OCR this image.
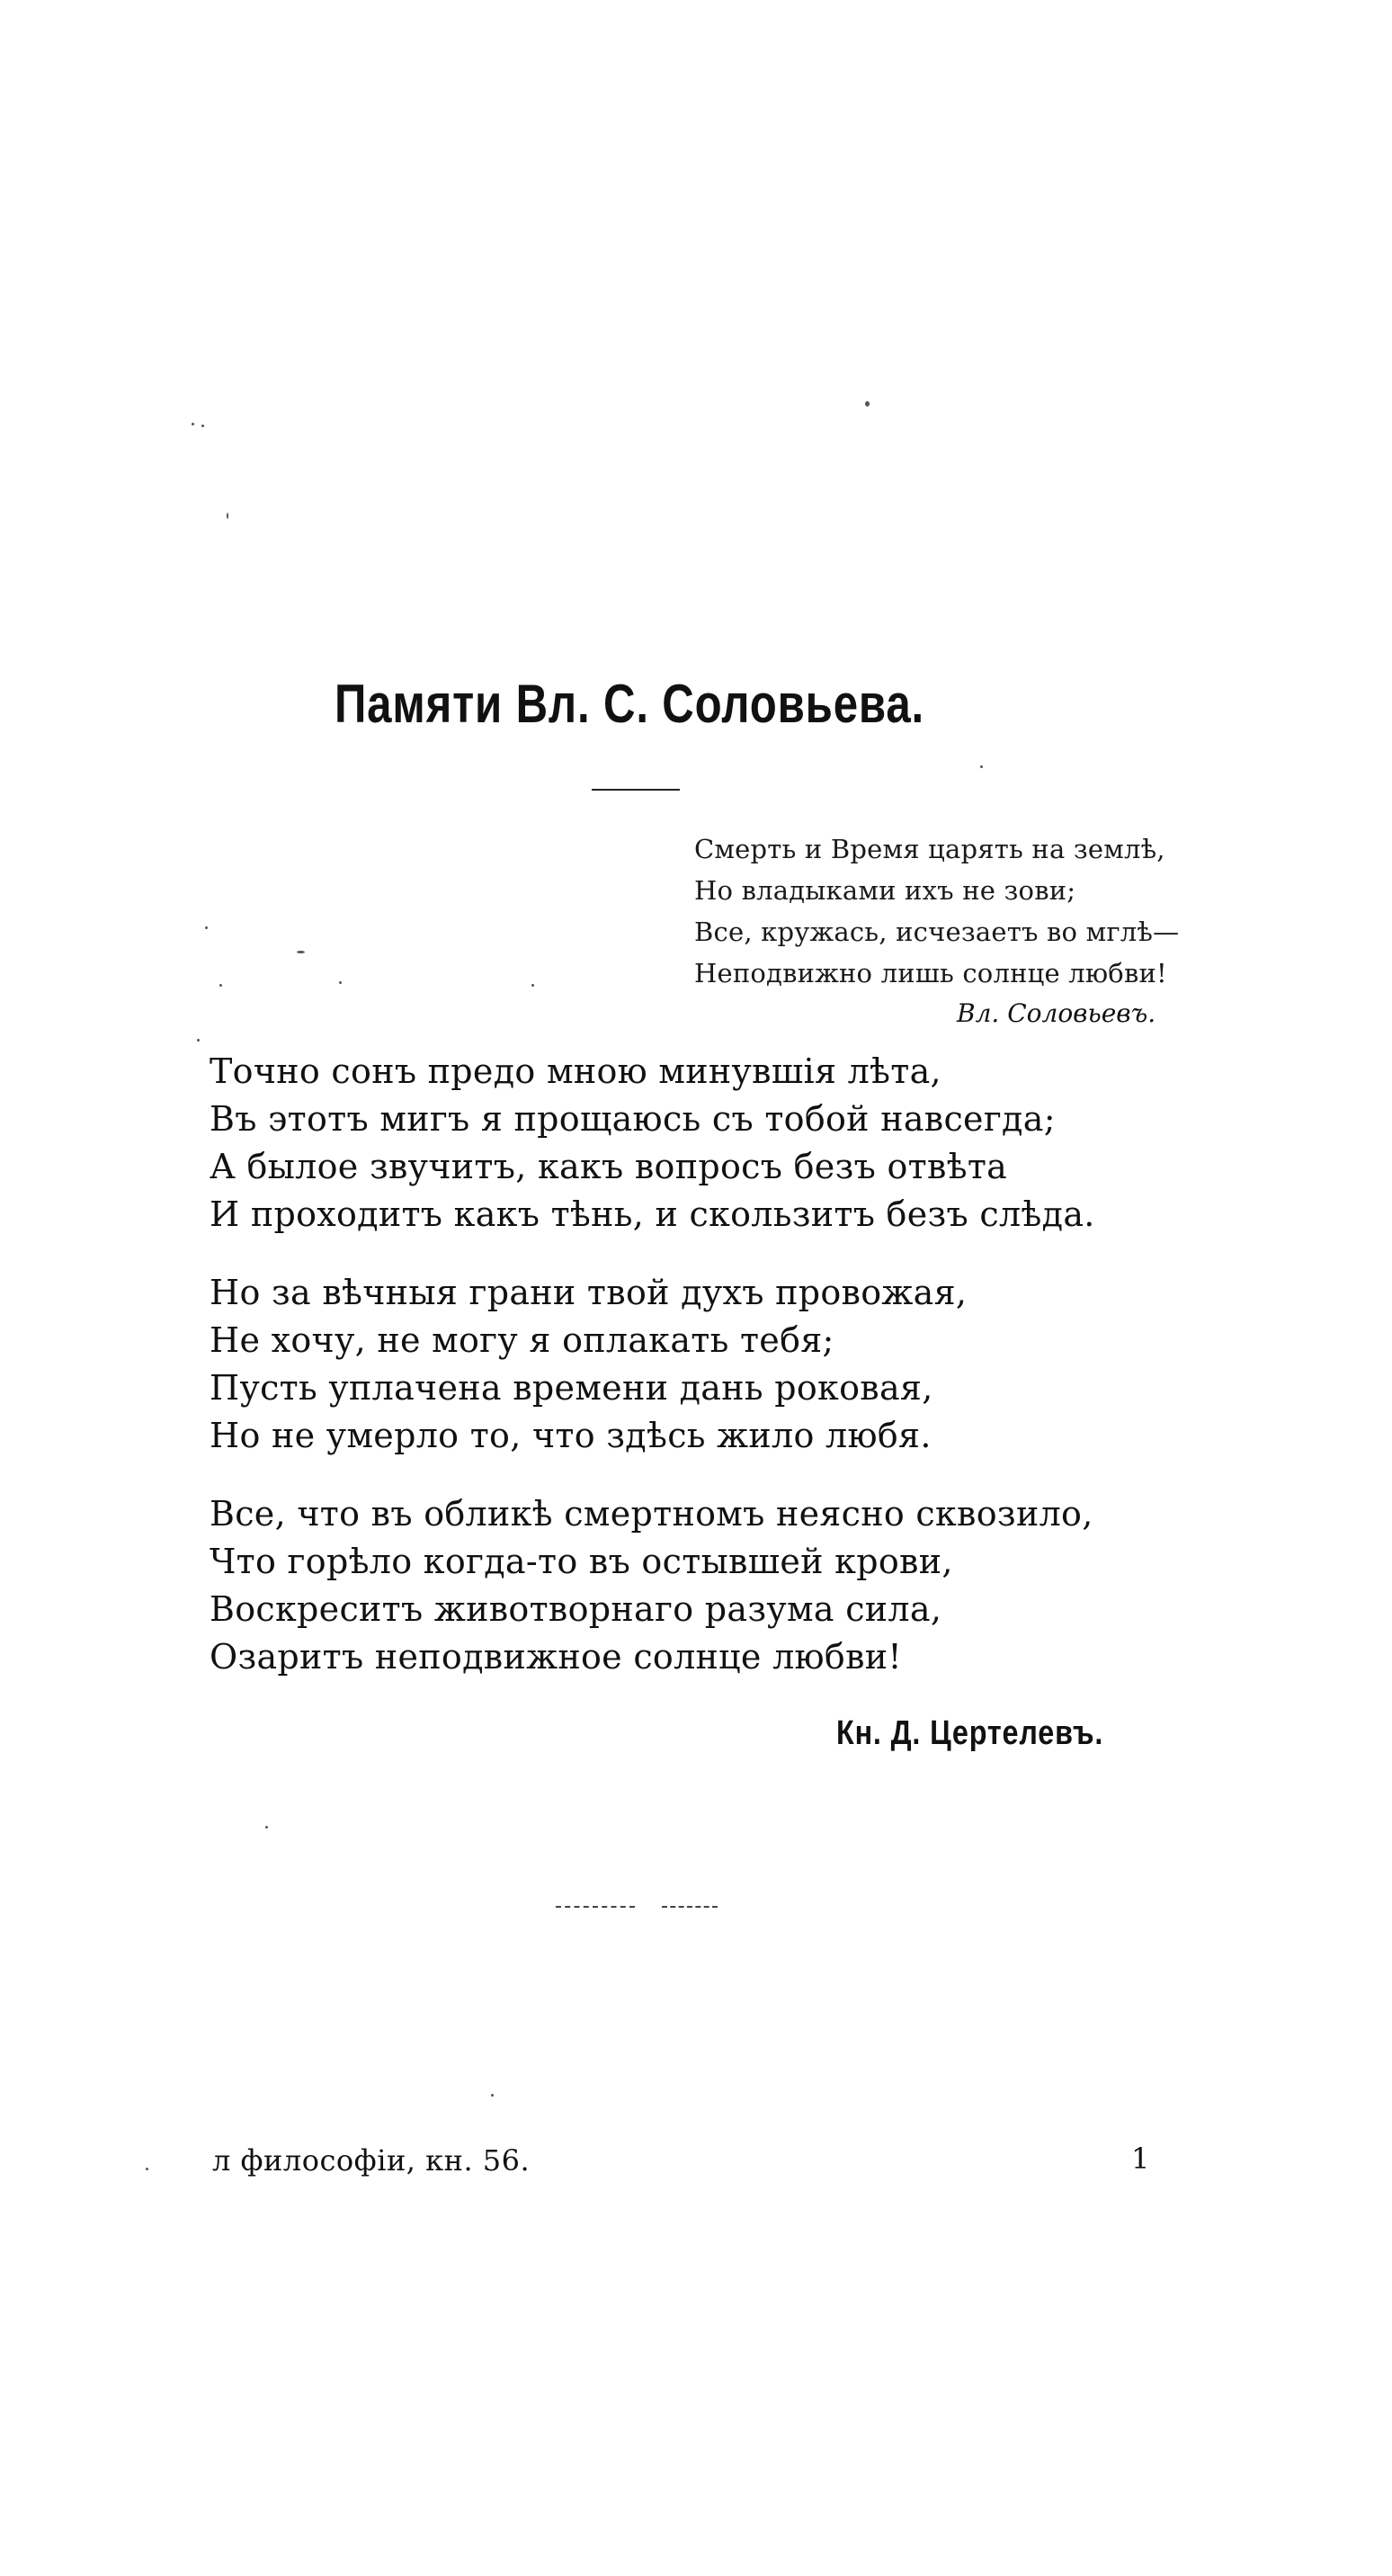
Памяти Вл. С. Соловьева.
Смерть и Время царять на землѣ,
Но владыками ихъ не зови;
Все, кружась, исчезаетъ во мглѣ—
Неподвижно лишь солнце любви!
Вл. Соловьевъ.
Точно сонъ предо мною минувшія лѣта,
Въ этотъ мигъ я прощаюсь съ тобой навсегда;
А былое звучитъ, какъ вопросъ безъ отвѣта
И проходитъ какъ тѣнь, и скользитъ безъ слѣда.
Но за вѣчныя грани твой духъ провожая,
Не хочу, не могу я оплакать тебя;
Пусть уплачена времени дань роковая,
Но не умерло то, что здѣсь жило любя.
Все, что въ обликѣ смертномъ неясно сквозило,
Что горѣло когда-то въ остывшей крови,
Воскреситъ животворнаго разума сила,
Озаритъ неподвижное солнце любви!
Кн. Д. Цертелевъ.
л философіи, кн. 56.	1
